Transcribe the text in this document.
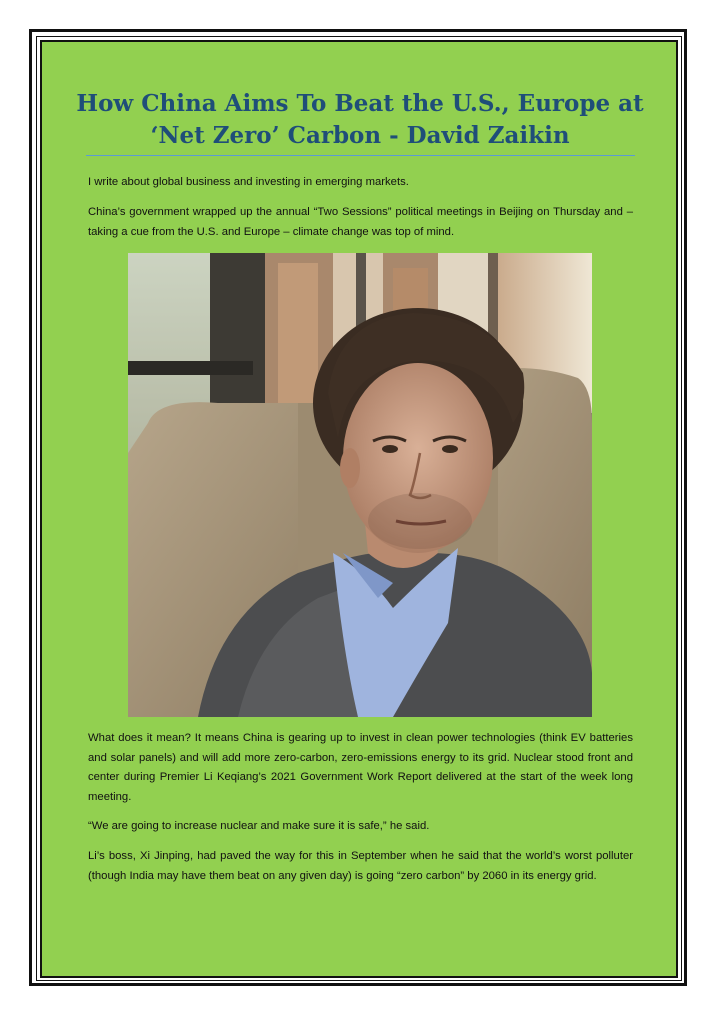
How China Aims To Beat the U.S., Europe at ‘Net Zero’ Carbon - David Zaikin

I write about global business and investing in emerging markets.

China’s government wrapped up the annual “Two Sessions” political meetings in Beijing on Thursday and – taking a cue from the U.S. and Europe – climate change was top of mind.

What does it mean? It means China is gearing up to invest in clean power technologies (think EV batteries and solar panels) and will add more zero-carbon, zero-emissions energy to its grid. Nuclear stood front and center during Premier Li Keqiang’s 2021 Government Work Report delivered at the start of the week long meeting.

“We are going to increase nuclear and make sure it is safe,” he said.

Li’s boss, Xi Jinping, had paved the way for this in September when he said that the world’s worst polluter (though India may have them beat on any given day) is going “zero carbon” by 2060 in its energy grid.
